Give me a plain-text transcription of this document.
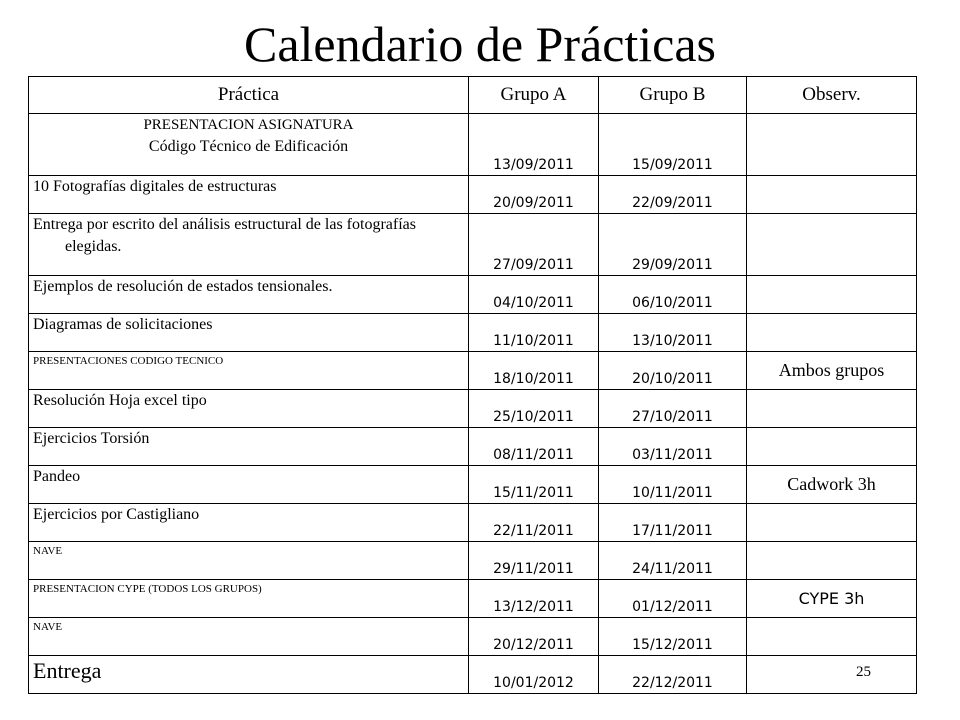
Calendario de Prácticas
Práctica	Grupo A	Grupo B	Observ.

PRESENTACION ASIGNATURA
Código Técnico de Edificación	13/09/2011	15/09/2011	
10 Fotografías digitales de estructuras	20/09/2011	22/09/2011	
Entrega por escrito del análisis estructural de las fotografías elegidas.	27/09/2011	29/09/2011	
Ejemplos de resolución de estados tensionales.	04/10/2011	06/10/2011	
Diagramas de solicitaciones	11/10/2011	13/10/2011	
PRESENTACIONES CODIGO TECNICO	18/10/2011	20/10/2011	Ambos grupos
Resolución Hoja excel tipo	25/10/2011	27/10/2011	
Ejercicios Torsión	08/11/2011	03/11/2011	
Pandeo	15/11/2011	10/11/2011	Cadwork 3h
Ejercicios por Castigliano	22/11/2011	17/11/2011	
NAVE	29/11/2011	24/11/2011	
PRESENTACION CYPE (TODOS LOS GRUPOS)	13/12/2011	01/12/2011	CYPE 3h
NAVE	20/12/2011	15/12/2011	
Entrega	10/01/2012	22/12/2011	
25
